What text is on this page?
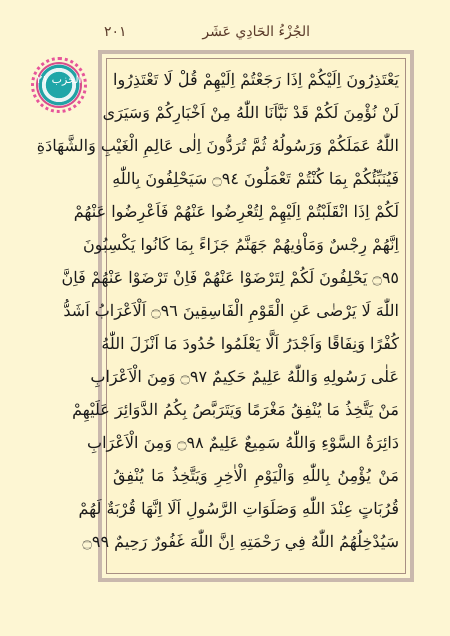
الجُزْءُ الحَادِي عَشَر
٢٠١
الحزب ٢١ يَعْتَذِرُونَ اِلَيْكُمْ اِذَا رَجَعْتُمْ اِلَيْهِمْ قُلْ لَا تَعْتَذِرُوا
لَنْ نُؤْمِنَ لَكُمْ قَدْ نَبَّاَنَا اللّٰهُ مِنْ اَخْبَارِكُمْ وَسَيَرَى
اللّٰهُ عَمَلَكُمْ وَرَسُولُهُ ثُمَّ تُرَدُّونَ اِلٰى عَالِمِ الْغَيْبِ وَالشَّهَادَةِ
فَيُنَبِّئُكُمْ بِمَا كُنْتُمْ تَعْمَلُونَ ۝٩٤ سَيَحْلِفُونَ بِاللّٰهِ
لَكُمْ اِذَا انْقَلَبْتُمْ اِلَيْهِمْ لِتُعْرِضُوا عَنْهُمْ فَاَعْرِضُوا عَنْهُمْ
اِنَّهُمْ رِجْسٌ وَمَاْوٰيهُمْ جَهَنَّمُ جَزَاءً بِمَا كَانُوا يَكْسِبُونَ
۝٩٥ يَحْلِفُونَ لَكُمْ لِتَرْضَوْا عَنْهُمْ فَاِنْ تَرْضَوْا عَنْهُمْ فَاِنَّ
اللّٰهَ لَا يَرْضٰى عَنِ الْقَوْمِ الْفَاسِقِينَ ۝٩٦ اَلْاَعْرَابُ اَشَدُّ
كُفْرًا وَنِفَاقًا وَاَجْدَرُ اَلَّا يَعْلَمُوا حُدُودَ مَا اَنْزَلَ اللّٰهُ
عَلٰى رَسُولِهِ وَاللّٰهُ عَلِيمٌ حَكِيمٌ ۝٩٧ وَمِنَ الْاَعْرَابِ
مَنْ يَتَّخِذُ مَا يُنْفِقُ مَغْرَمًا وَيَتَرَبَّصُ بِكُمُ الدَّوَائِرَ عَلَيْهِمْ
دَائِرَةُ السَّوْءِ وَاللّٰهُ سَمِيعٌ عَلِيمٌ ۝٩٨ وَمِنَ الْاَعْرَابِ
مَنْ يُؤْمِنُ بِاللّٰهِ وَالْيَوْمِ الْاٰخِرِ وَيَتَّخِذُ مَا يُنْفِقُ
قُرُبَاتٍ عِنْدَ اللّٰهِ وَصَلَوَاتِ الرَّسُولِ اَلَا اِنَّهَا قُرْبَةٌ لَهُمْ
سَيُدْخِلُهُمُ اللّٰهُ فِي رَحْمَتِهِ اِنَّ اللّٰهَ غَفُورٌ رَحِيمٌ ۝٩٩
